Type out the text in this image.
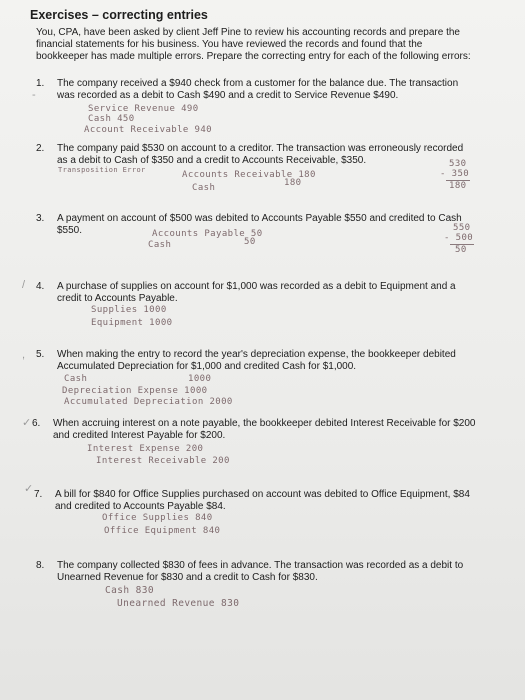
Exercises – correcting entries
You, CPA, have been asked by client Jeff Pine to review his accounting records and prepare the
financial statements for his business. You have reviewed the records and found that the
bookkeeper has made multiple errors. Prepare the correcting entry for each of the following errors:
1.
-
The company received a $940 check from a customer for the balance due. The transaction
was recorded as a debit to Cash $490 and a credit to Service Revenue $490.
Service Revenue 490
Cash 450
Account Receivable 940
2. The company paid $530 on account to a creditor. The transaction was erroneously recorded
as a debit to Cash of $350 and a credit to Accounts Receivable, $350.
Transposition Error	Accounts Receivable 180
180
Cash
530
- 350
180
3. A payment on account of $500 was debited to Accounts Payable $550 and credited to Cash
$550.	Accounts Payable 50
Cash	50
550
- 500
50
/ 4. A purchase of supplies on account for $1,000 was recorded as a debit to Equipment and a
credit to Accounts Payable.
Supplies 1000
Equipment 1000
, 5. When making the entry to record the year's depreciation expense, the bookkeeper debited
Accumulated Depreciation for $1,000 and credited Cash for $1,000.
Cash	1000
Depreciation Expense 1000
Accumulated Depreciation 2000
✓ 6. When accruing interest on a note payable, the bookkeeper debited Interest Receivable for $200
and credited Interest Payable for $200.
Interest Expense 200
Interest Receivable 200
✓ 7. A bill for $840 for Office Supplies purchased on account was debited to Office Equipment, $84
and credited to Accounts Payable $84.
Office Supplies 840
Office Equipment 840
8. The company collected $830 of fees in advance. The transaction was recorded as a debit to
Unearned Revenue for $830 and a credit to Cash for $830.
Cash 830
Unearned Revenue 830
